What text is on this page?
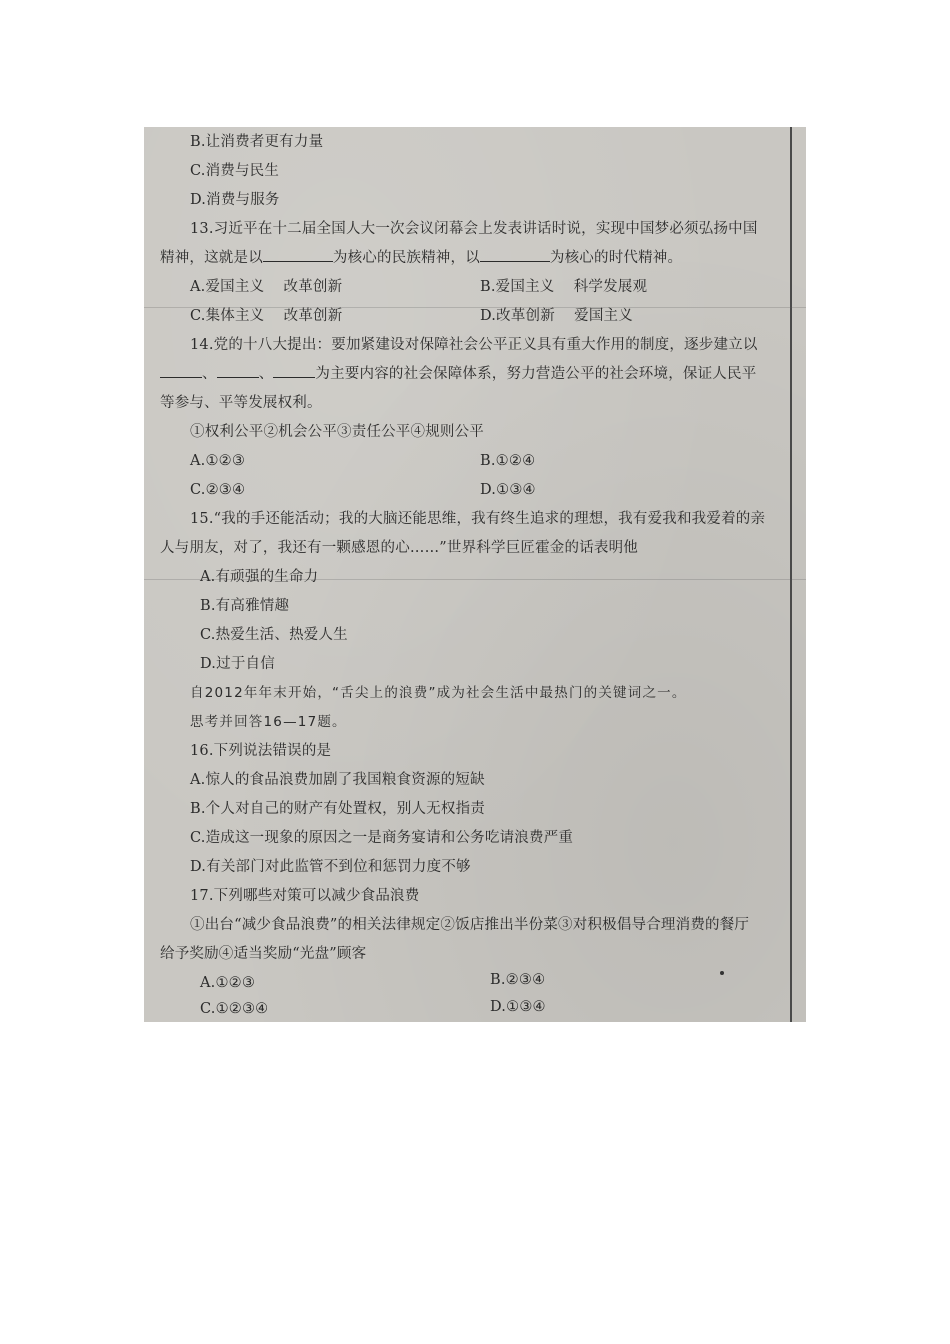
B.让消费者更有力量
C.消费与民生
D.消费与服务
13.习近平在十二届全国人大一次会议闭幕会上发表讲话时说，实现中国梦必须弘扬中国
精神，这就是以	为核心的民族精神，以	为核心的时代精神。
A.爱国主义    改革创新	B.爱国主义    科学发展观
C.集体主义    改革创新	D.改革创新    爱国主义
14.党的十八大提出：要加紧建设对保障社会公平正义具有重大作用的制度，逐步建立以
、	、	为主要内容的社会保障体系，努力营造公平的社会环境，保证人民平
等参与、平等发展权利。
①权利公平②机会公平③责任公平④规则公平
A.①②③	B.①②④
C.②③④	D.①③④
15.“我的手还能活动；我的大脑还能思维，我有终生追求的理想，我有爱我和我爱着的亲
人与朋友，对了，我还有一颗感恩的心……”世界科学巨匠霍金的话表明他
A.有顽强的生命力
B.有高雅情趣
C.热爱生活、热爱人生
D.过于自信
自2012年年末开始，“舌尖上的浪费”成为社会生活中最热门的关键词之一。
思考并回答16—17题。
16.下列说法错误的是
A.惊人的食品浪费加剧了我国粮食资源的短缺
B.个人对自己的财产有处置权，别人无权指责
C.造成这一现象的原因之一是商务宴请和公务吃请浪费严重
D.有关部门对此监管不到位和惩罚力度不够
17.下列哪些对策可以减少食品浪费
①出台“减少食品浪费”的相关法律规定②饭店推出半份菜③对积极倡导合理消费的餐厅
给予奖励④适当奖励“光盘”顾客
A.①②③	B.②③④
C.①②③④	D.①③④
